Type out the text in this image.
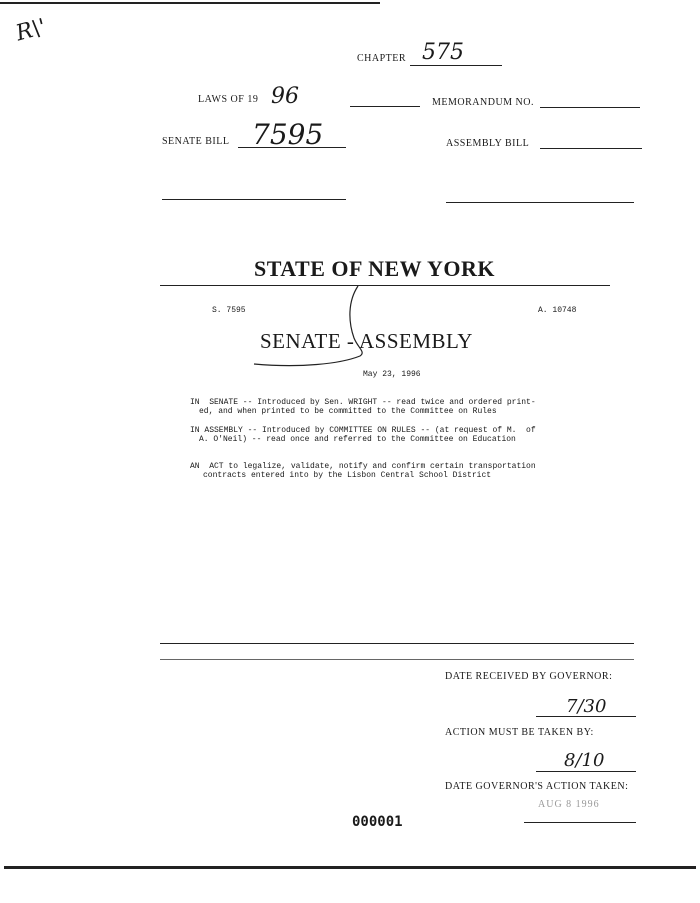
R\'
CHAPTER 575
LAWS OF 19 96	MEMORANDUM NO.
SENATE BILL 7595	ASSEMBLY BILL
STATE OF NEW YORK
S. 7595	A. 10748
SENATE - ASSEMBLY
May 23, 1996
IN  SENATE -- Introduced by Sen. WRIGHT -- read twice and ordered print-
ed, and when printed to be committed to the Committee on Rules
IN ASSEMBLY -- Introduced by COMMITTEE ON RULES -- (at request of M.  of
A. O'Neil) -- read once and referred to the Committee on Education
AN  ACT to legalize, validate, notify and confirm certain transportation
contracts entered into by the Lisbon Central School District
DATE RECEIVED BY GOVERNOR:
7/30
ACTION MUST BE TAKEN BY:
8/10
DATE GOVERNOR'S ACTION TAKEN:
AUG 8 1996
000001
